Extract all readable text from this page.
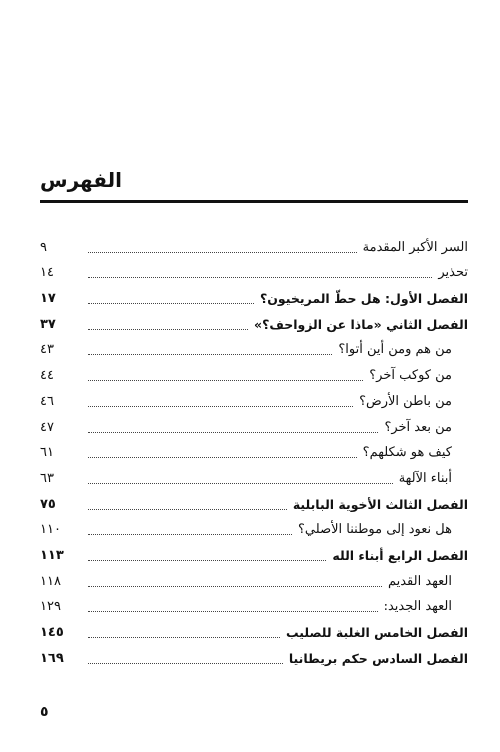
الفهرس
السر الأكبر المقدمة
٩
تحذير
١٤
الفصل الأول: هل حطّ المريخيون؟
١٧
الفصل الثاني «ماذا عن الزواحف؟»
٣٧
من هم ومن أين أتوا؟
٤٣
من كوكب آخر؟
٤٤
من باطن الأرض؟
٤٦
من بعد آخر؟
٤٧
كيف هو شكلهم؟
٦١
أبناء الآلهة
٦٣
الفصل الثالث الأخوية البابلية
٧٥
هل نعود إلى موطننا الأصلي؟
١١٠
الفصل الرابع أبناء الله
١١٣
العهد القديم
١١٨
العهد الجديد:
١٢٩
الفصل الخامس الغلبة للصليب
١٤٥
الفصل السادس حكم بريطانيا
١٦٩
٥
